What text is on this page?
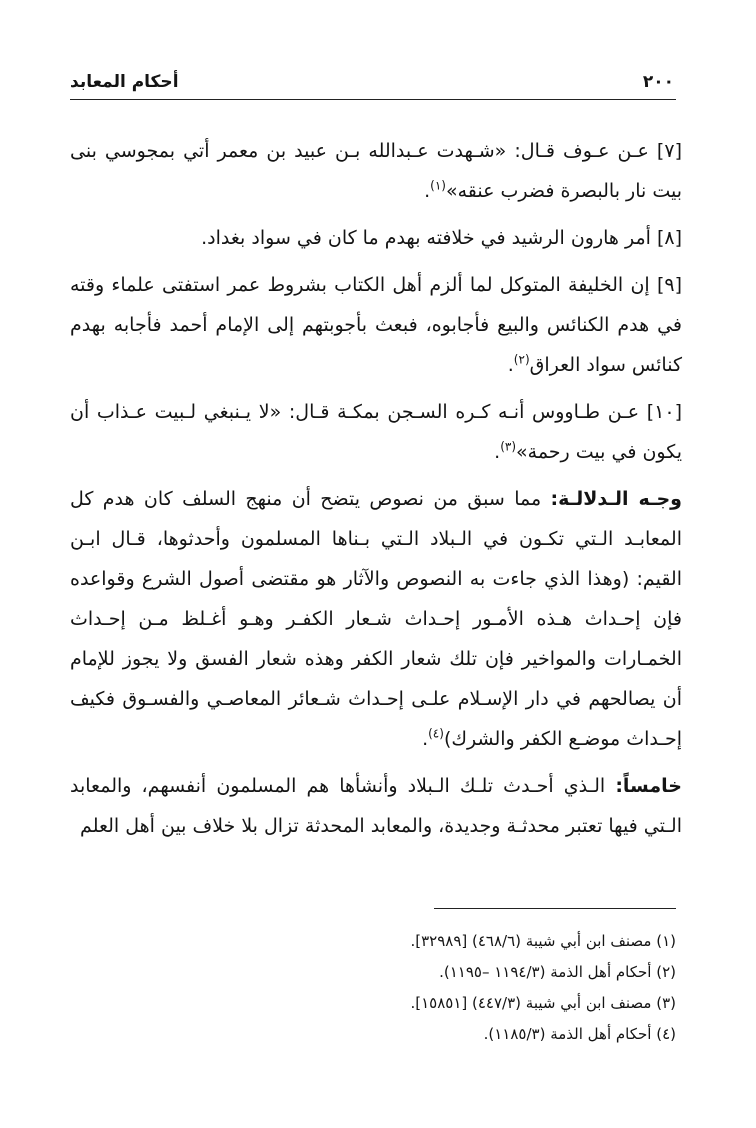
أحكام المعابد	٢٠٠

[٧] عـن عـوف قـال: «شـهدت عـبدالله بـن عبيد بن معمر أتي بمجوسي بنى بيت نار بالبصرة فضرب عنقه»$^{(١)}$.

[٨] أمر هارون الرشيد في خلافته بهدم ما كان في سواد بغداد.

[٩] إن الخليفة المتوكل لما ألزم أهل الكتاب بشروط عمر استفتى علماء وقته في هدم الكنائس والبيع فأجابوه، فبعث بأجوبتهم إلى الإمام أحمد فأجابه بهدم كنائس سواد العراق$^{(٢)}$.

[١٠] عـن طـاووس أنـه كـره السـجن بمكـة قـال: «لا يـنبغي لـبيت عـذاب أن يكون في بيت رحمة»$^{(٣)}$.

وجـه الـدلالـة: مما سبق من نصوص يتضح أن منهج السلف كان هدم كل المعابـد الـتي تكـون في الـبلاد الـتي بـناها المسلمون وأحدثوها، قـال ابـن القيم: (وهذا الذي جاءت به النصوص والآثار هو مقتضى أصول الشرع وقواعده فإن إحـداث هـذه الأمـور إحـداث شـعار الكفـر وهـو أغـلظ مـن إحـداث الخمـارات والمواخير فإن تلك شعار الكفر وهذه شعار الفسق ولا يجوز للإمام أن يصالحهم في دار الإسـلام علـى إحـداث شـعائر المعاصـي والفسـوق فكيف إحـداث موضـع الكفر والشرك)$^{(٤)}$.

خامساً: الـذي أحـدث تلـك الـبلاد وأنشأها هم المسلمون أنفسهم، والمعابد الـتي فيها تعتبر محدثـة وجديدة، والمعابد المحدثة تزال بلا خلاف بين أهل العلم

(١) مصنف ابن أبي شيبة (٤٦٨/٦) [٣٢٩٨٩].
(٢) أحكام أهل الذمة (١١٩٤/٣ –١١٩٥).
(٣) مصنف ابن أبي شيبة (٤٤٧/٣) [١٥٨٥١].
(٤) أحكام أهل الذمة (١١٨٥/٣).
